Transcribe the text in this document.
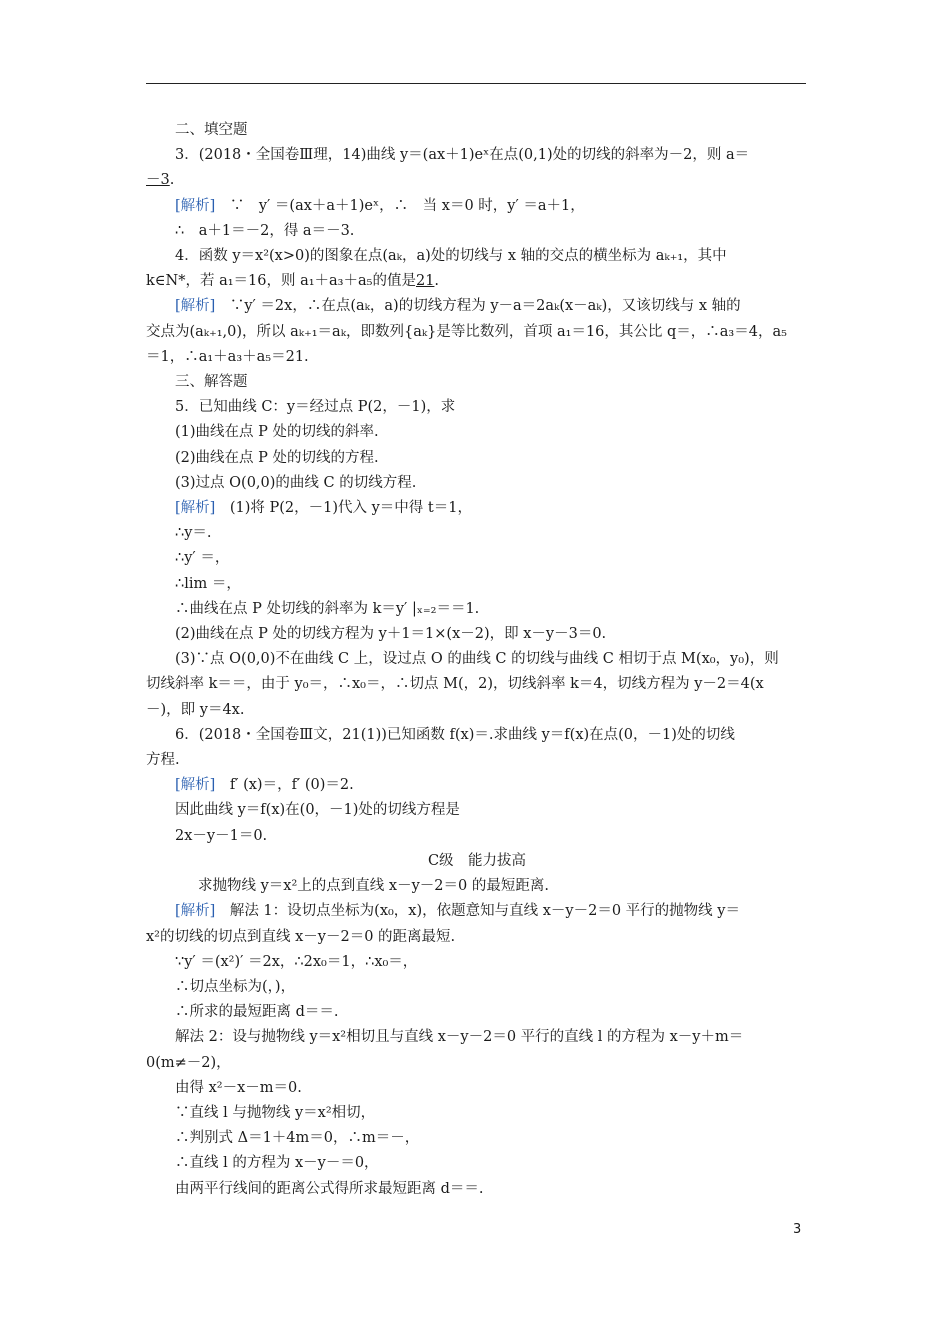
二、填空题
3．(2018・全国卷Ⅲ理，14)曲线 y＝(ax＋1)eˣ在点(0,1)处的切线的斜率为－2，则 a＝
－3.
[解析]　∵　y′ ＝(ax＋a＋1)eˣ，∴　当 x＝0 时，y′ ＝a＋1，
∴　a＋1＝－2，得 a＝－3.
4．函数 y＝x²(x>0)的图象在点(aₖ，a)处的切线与 x 轴的交点的横坐标为 aₖ₊₁，其中
k∈N*，若 a₁＝16，则 a₁＋a₃＋a₅的值是21.
[解析]　∵y′ ＝2x，∴在点(aₖ，a)的切线方程为 y－a＝2aₖ(x－aₖ)，又该切线与 x 轴的
交点为(aₖ₊₁,0)，所以 aₖ₊₁＝aₖ，即数列{aₖ}是等比数列，首项 a₁＝16，其公比 q＝，∴a₃＝4，a₅
＝1，∴a₁＋a₃＋a₅＝21.
三、解答题
5．已知曲线 C：y＝经过点 P(2，－1)，求
(1)曲线在点 P 处的切线的斜率.
(2)曲线在点 P 处的切线的方程.
(3)过点 O(0,0)的曲线 C 的切线方程.
[解析]　(1)将 P(2，－1)代入 y＝中得 t＝1，
∴y＝.
∴y′ ＝，
∴lim ＝，
∴曲线在点 P 处切线的斜率为 k＝y′ |ₓ₌₂＝＝1.
(2)曲线在点 P 处的切线方程为 y＋1＝1×(x－2)，即 x－y－3＝0.
(3)∵点 O(0,0)不在曲线 C 上，设过点 O 的曲线 C 的切线与曲线 C 相切于点 M(x₀，y₀)，则
切线斜率 k＝＝，由于 y₀＝，∴x₀＝，∴切点 M(，2)，切线斜率 k＝4，切线方程为 y－2＝4(x
－)，即 y＝4x.
6．(2018・全国卷Ⅲ文，21(1))已知函数 f(x)＝.求曲线 y＝f(x)在点(0，－1)处的切线
方程.
[解析]　f′ (x)＝，f′ (0)＝2.
因此曲线 y＝f(x)在(0，－1)处的切线方程是
2x－y－1＝0.
C级　能力拔高
求抛物线 y＝x²上的点到直线 x－y－2＝0 的最短距离.
[解析]　解法 1：设切点坐标为(x₀，x)，依题意知与直线 x－y－2＝0 平行的抛物线 y＝
x²的切线的切点到直线 x－y－2＝0 的距离最短.
∵y′ ＝(x²)′ ＝2x，∴2x₀＝1，∴x₀＝，
∴切点坐标为(，)，
∴所求的最短距离 d＝＝.
解法 2：设与抛物线 y＝x²相切且与直线 x－y－2＝0 平行的直线 l 的方程为 x－y＋m＝
0(m≠－2)，
由得 x²－x－m＝0.
∵直线 l 与抛物线 y＝x²相切，
∴判别式 Δ＝1＋4m＝0，∴m＝－，
∴直线 l 的方程为 x－y－＝0，
由两平行线间的距离公式得所求最短距离 d＝＝.
3
